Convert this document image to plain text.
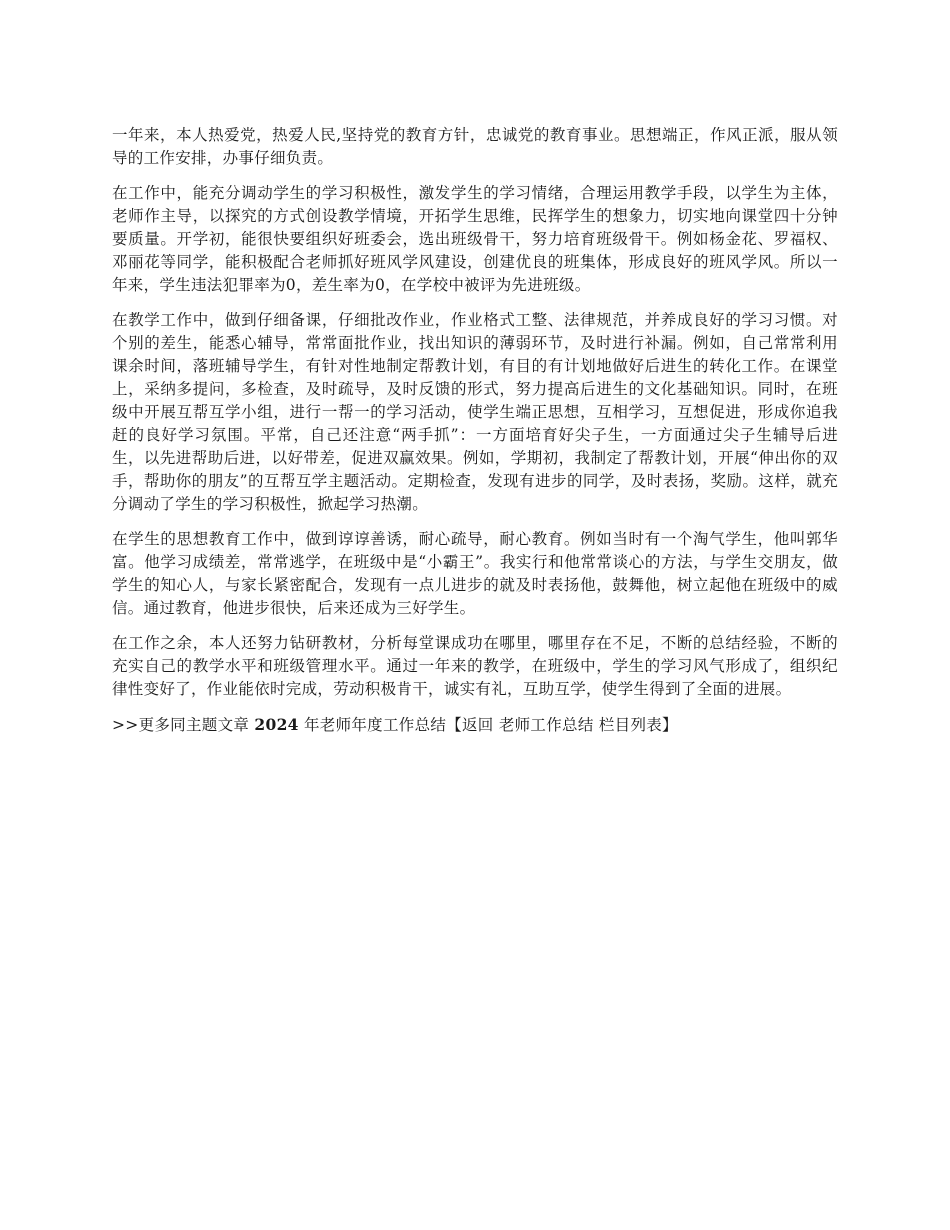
一年来，本人热爱党，热爱人民,坚持党的教育方针，忠诚党的教育事业。思想端正，作风正派，服从领导的工作安排，办事仔细负责。

在工作中，能充分调动学生的学习积极性，激发学生的学习情绪，合理运用教学手段，以学生为主体，老师作主导，以探究的方式创设教学情境，开拓学生思维，民挥学生的想象力，切实地向课堂四十分钟要质量。开学初，能很快要组织好班委会，选出班级骨干，努力培育班级骨干。例如杨金花、罗福权、邓丽花等同学，能积极配合老师抓好班风学风建设，创建优良的班集体，形成良好的班风学风。所以一年来，学生违法犯罪率为0，差生率为0，在学校中被评为先进班级。

在教学工作中，做到仔细备课，仔细批改作业，作业格式工整、法律规范，并养成良好的学习习惯。对个别的差生，能悉心辅导，常常面批作业，找出知识的薄弱环节，及时进行补漏。例如，自己常常利用课余时间，落班辅导学生，有针对性地制定帮教计划，有目的有计划地做好后进生的转化工作。在课堂上，采纳多提问，多检查，及时疏导，及时反馈的形式，努力提高后进生的文化基础知识。同时，在班级中开展互帮互学小组，进行一帮一的学习活动，使学生端正思想，互相学习，互想促进，形成你追我赶的良好学习氛围。平常，自己还注意“两手抓”：一方面培育好尖子生，一方面通过尖子生辅导后进生，以先进帮助后进，以好带差，促进双赢效果。例如，学期初，我制定了帮教计划，开展“伸出你的双手，帮助你的朋友”的互帮互学主题活动。定期检查，发现有进步的同学，及时表扬，奖励。这样，就充分调动了学生的学习积极性，掀起学习热潮。

在学生的思想教育工作中，做到谆谆善诱，耐心疏导，耐心教育。例如当时有一个淘气学生，他叫郭华富。他学习成绩差，常常逃学，在班级中是“小霸王”。我实行和他常常谈心的方法，与学生交朋友，做学生的知心人，与家长紧密配合，发现有一点儿进步的就及时表扬他，鼓舞他，树立起他在班级中的威信。通过教育，他进步很快，后来还成为三好学生。

在工作之余，本人还努力钻研教材，分析每堂课成功在哪里，哪里存在不足，不断的总结经验，不断的充实自己的教学水平和班级管理水平。通过一年来的教学，在班级中，学生的学习风气形成了，组织纪律性变好了，作业能依时完成，劳动积极肯干，诚实有礼，互助互学，使学生得到了全面的进展。

>>更多同主题文章 2024 年老师年度工作总结【返回 老师工作总结 栏目列表】
